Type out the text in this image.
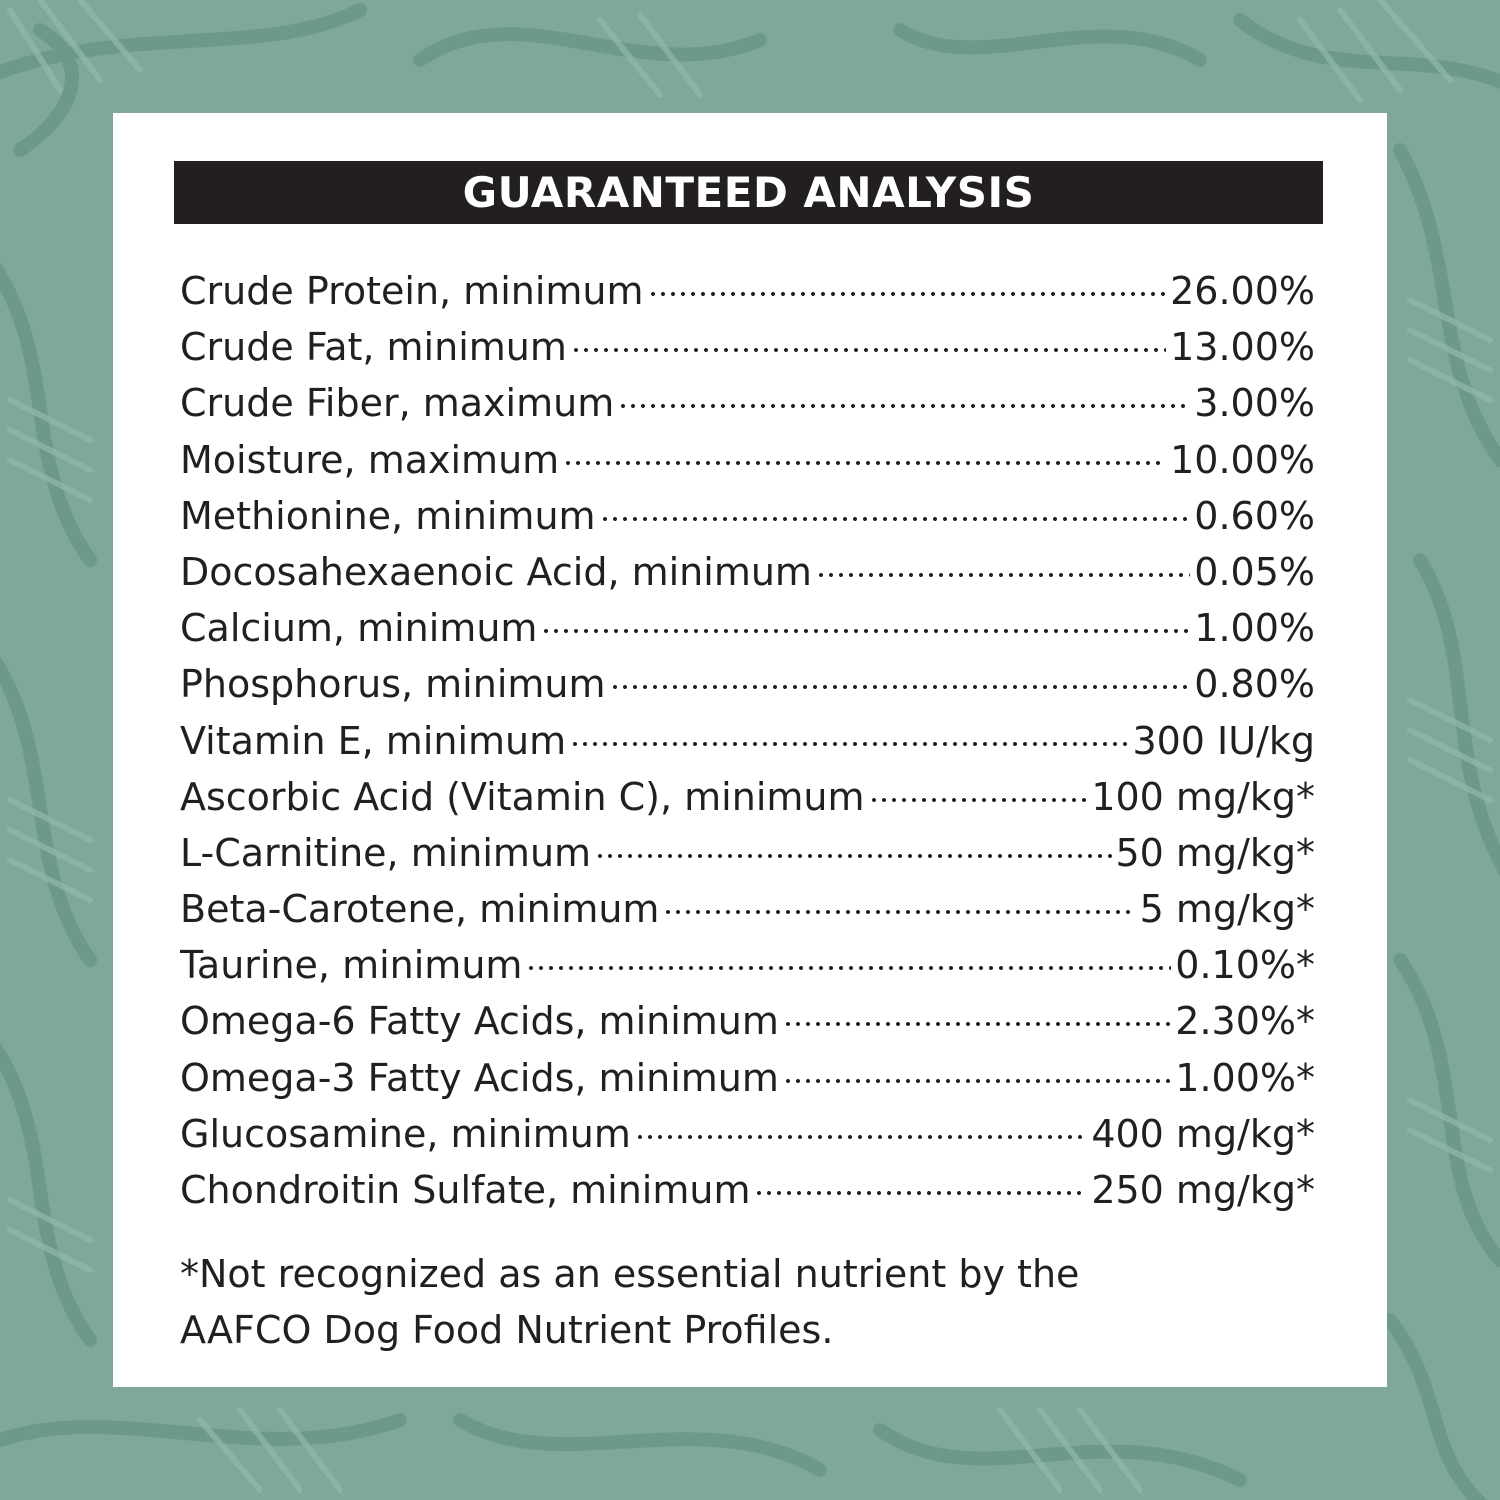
GUARANTEED ANALYSIS
Crude Protein, minimum	26.00%
Crude Fat, minimum	13.00%
Crude Fiber, maximum	3.00%
Moisture, maximum	10.00%
Methionine, minimum	0.60%
Docosahexaenoic Acid, minimum	0.05%
Calcium, minimum	1.00%
Phosphorus, minimum	0.80%
Vitamin E, minimum	300 IU/kg
Ascorbic Acid (Vitamin C), minimum	100 mg/kg*
L-Carnitine, minimum	50 mg/kg*
Beta-Carotene, minimum	5 mg/kg*
Taurine, minimum	0.10%*
Omega-6 Fatty Acids, minimum	2.30%*
Omega-3 Fatty Acids, minimum	1.00%*
Glucosamine, minimum	400 mg/kg*
Chondroitin Sulfate, minimum	250 mg/kg*
*Not recognized as an essential nutrient by the
AAFCO Dog Food Nutrient Profiles.
